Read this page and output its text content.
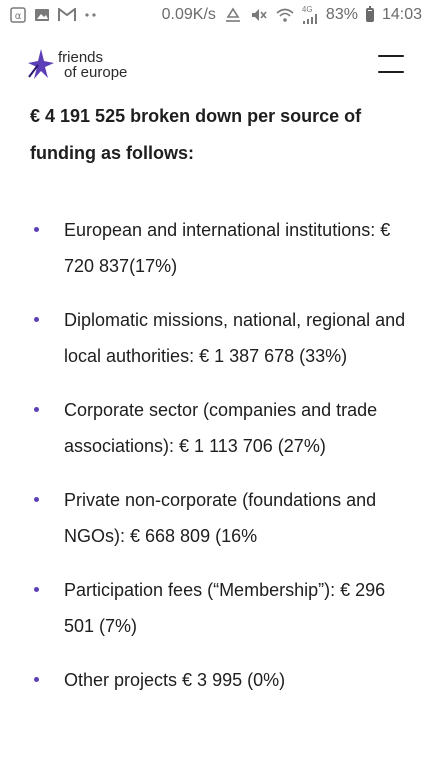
α	0.09K/s	4G 83% 14:03
friends
of europe

€ 4 191 525 broken down per source of funding as follows:

European and international institutions: € 720 837(17%)
Diplomatic missions, national, regional and local authorities: € 1 387 678 (33%)
Corporate sector (companies and trade associations): € 1 113 706 (27%)
Private non-corporate (foundations and NGOs): € 668 809 (16%
Participation fees (“Membership”): € 296 501 (7%)
Other projects € 3 995 (0%)
